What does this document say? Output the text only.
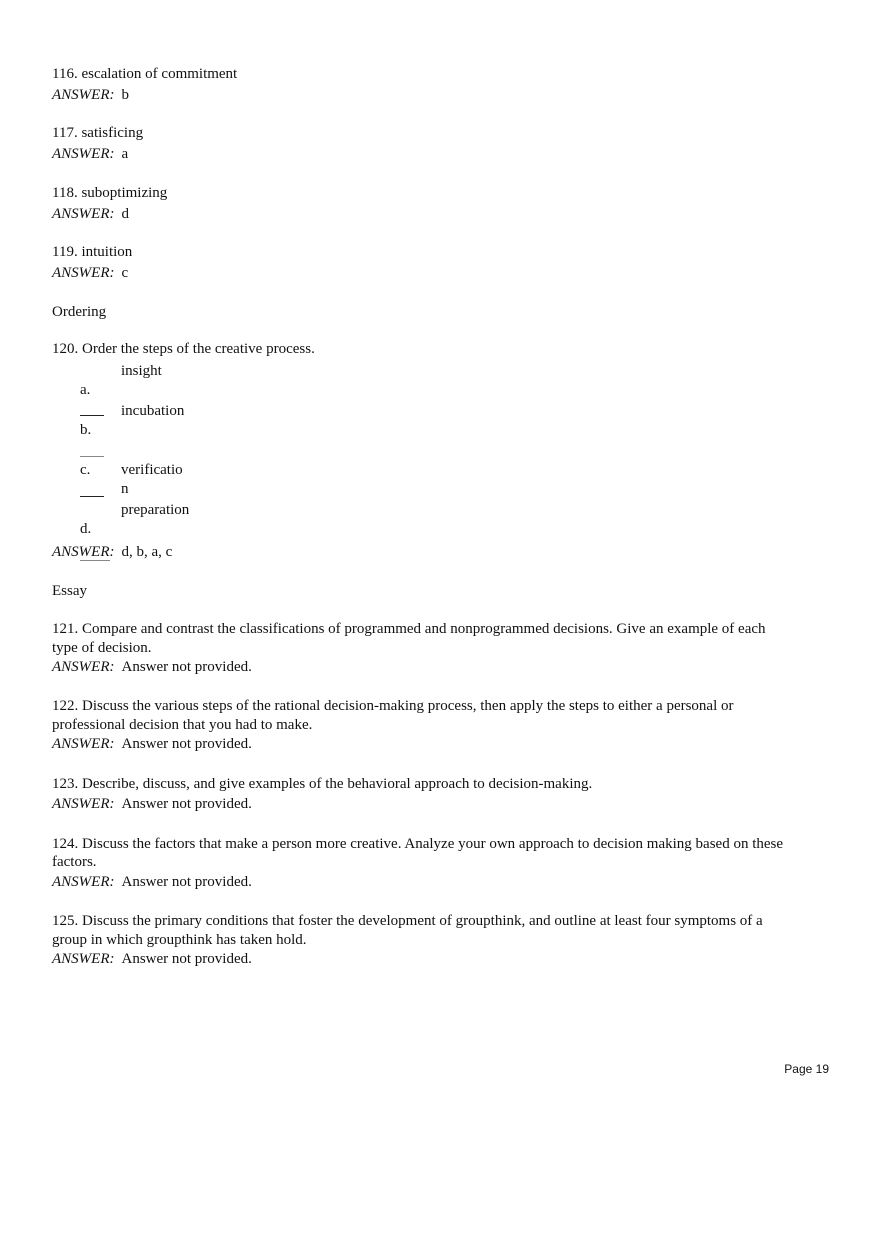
116. escalation of commitment
ANSWER: b
117. satisficing
ANSWER: a
118. suboptimizing
ANSWER: d
119. intuition
ANSWER: c
Ordering
120. Order the steps of the creative process.
insight
a.
incubation
b.
c. verificatio
n
preparation
d.
ANSWER: d, b, a, c
Essay
121. Compare and contrast the classifications of programmed and nonprogrammed decisions. Give an example of each
type of decision.
ANSWER: Answer not provided.
122. Discuss the various steps of the rational decision-making process, then apply the steps to either a personal or
professional decision that you had to make.
ANSWER: Answer not provided.
123. Describe, discuss, and give examples of the behavioral approach to decision-making.
ANSWER: Answer not provided.
124. Discuss the factors that make a person more creative. Analyze your own approach to decision making based on these
factors.
ANSWER: Answer not provided.
125. Discuss the primary conditions that foster the development of groupthink, and outline at least four symptoms of a
group in which groupthink has taken hold.
ANSWER: Answer not provided.
Page 19
